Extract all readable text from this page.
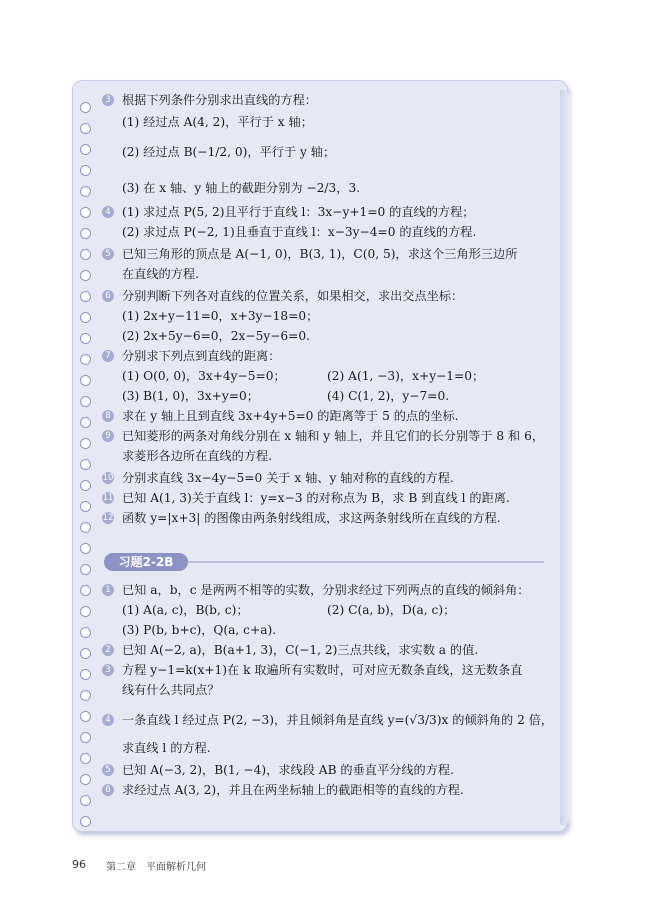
3 根据下列条件分别求出直线的方程：
(1) 经过点 A(4, 2)，平行于 x 轴；
(2) 经过点 B(−1/2, 0)，平行于 y 轴；
(3) 在 x 轴、y 轴上的截距分别为 −2/3，3.
4 (1) 求过点 P(5, 2)且平行于直线 l：3x−y+1=0 的直线的方程；
(2) 求过点 P(−2, 1)且垂直于直线 l：x−3y−4=0 的直线的方程.
5 已知三角形的顶点是 A(−1, 0)，B(3, 1)，C(0, 5)，求这个三角形三边所
在直线的方程.
6 分别判断下列各对直线的位置关系，如果相交，求出交点坐标：
(1) 2x+y−11=0，x+3y−18=0；
(2) 2x+5y−6=0，2x−5y−6=0.
7 分别求下列点到直线的距离：
(1) O(0, 0)，3x+4y−5=0；	(2) A(1, −3)，x+y−1=0；
(3) B(1, 0)，3x+y=0；	(4) C(1, 2)，y−7=0.
8 求在 y 轴上且到直线 3x+4y+5=0 的距离等于 5 的点的坐标.
9 已知菱形的两条对角线分别在 x 轴和 y 轴上，并且它们的长分别等于 8 和 6，
求菱形各边所在直线的方程.
10 分别求直线 3x−4y−5=0 关于 x 轴、y 轴对称的直线的方程.
11 已知 A(1, 3)关于直线 l：y=x−3 的对称点为 B，求 B 到直线 l 的距离.
12 函数 y=|x+3| 的图像由两条射线组成，求这两条射线所在直线的方程.
习题2-2B
1 已知 a，b，c 是两两不相等的实数，分别求经过下列两点的直线的倾斜角：
(1) A(a, c)，B(b, c)；	(2) C(a, b)，D(a, c)；
(3) P(b, b+c)，Q(a, c+a).
2 已知 A(−2, a)，B(a+1, 3)，C(−1, 2)三点共线，求实数 a 的值.
3 方程 y−1=k(x+1)在 k 取遍所有实数时，可对应无数条直线，这无数条直
线有什么共同点？
4 一条直线 l 经过点 P(2, −3)，并且倾斜角是直线 y=(√3/3)x 的倾斜角的 2 倍，
求直线 l 的方程.
5 已知 A(−3, 2)，B(1, −4)，求线段 AB 的垂直平分线的方程.
6 求经过点 A(3, 2)，并且在两坐标轴上的截距相等的直线的方程.
96 第二章　平面解析几何
